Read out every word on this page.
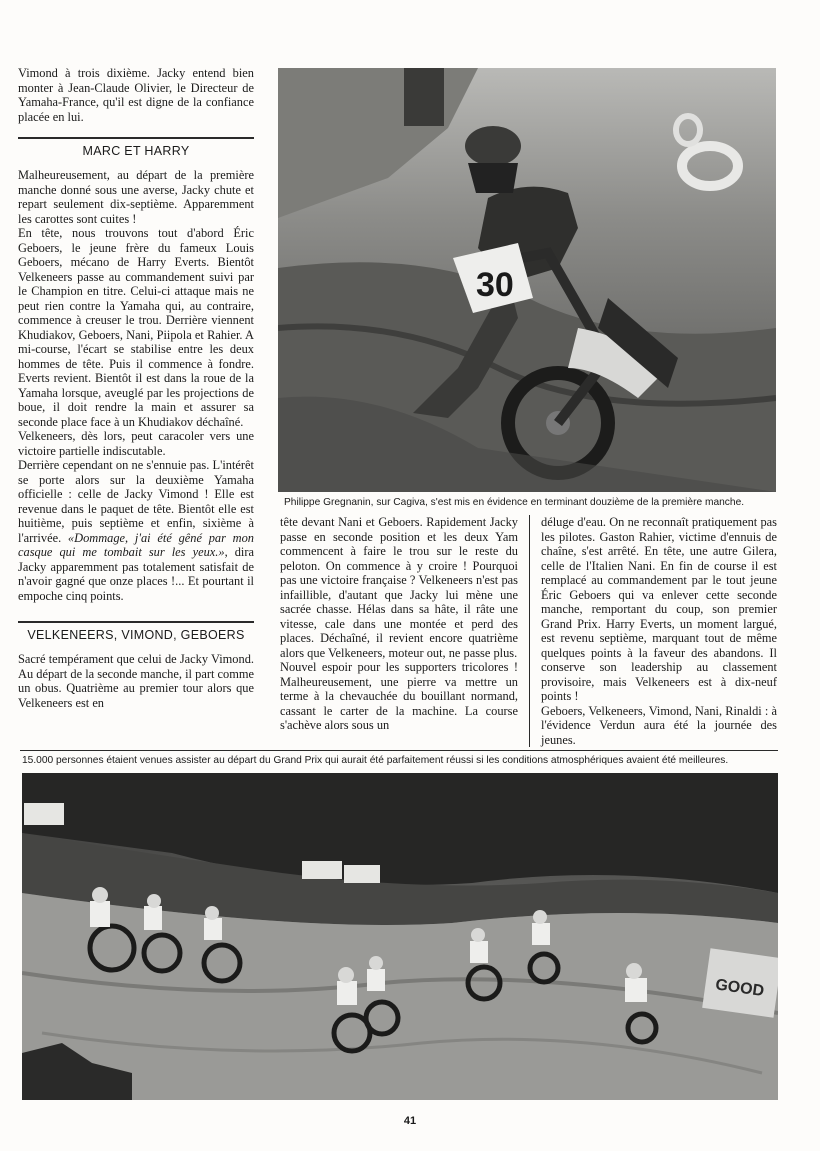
Vimond à trois dixième. Jacky entend bien monter à Jean-Claude Olivier, le Directeur de Yamaha-France, qu'il est digne de la confiance placée en lui.

MARC ET HARRY

Malheureusement, au départ de la première manche donné sous une averse, Jacky chute et repart seulement dix-septième. Apparemment les carottes sont cuites !

En tête, nous trouvons tout d'abord Éric Geboers, le jeune frère du fameux Louis Geboers, mécano de Harry Everts. Bientôt Velkeneers passe au commandement suivi par le Champion en titre. Celui-ci attaque mais ne peut rien contre la Yamaha qui, au contraire, commence à creuser le trou. Derrière viennent Khudiakov, Geboers, Nani, Piipola et Rahier. A mi-course, l'écart se stabilise entre les deux hommes de tête. Puis il commence à fondre. Everts revient. Bientôt il est dans la roue de la Yamaha lorsque, aveuglé par les projections de boue, il doit rendre la main et assurer sa seconde place face à un Khudiakov déchaîné.

Velkeneers, dès lors, peut caracoler vers une victoire partielle indiscutable.

Derrière cependant on ne s'ennuie pas. L'intérêt se porte alors sur la deuxième Yamaha officielle : celle de Jacky Vimond ! Elle est revenue dans le paquet de tête. Bientôt elle est huitième, puis septième et enfin, sixième à l'arrivée. «Dommage, j'ai été gêné par mon casque qui me tombait sur les yeux.», dira Jacky apparemment pas totalement satisfait de n'avoir gagné que onze places !... Et pourtant il empoche cinq points.

VELKENEERS, VIMOND, GEBOERS

Sacré tempérament que celui de Jacky Vimond. Au départ de la seconde manche, il part comme un obus. Quatrième au premier tour alors que Velkeneers est en

30
Philippe Gregnanin, sur Cagiva, s'est mis en évidence en terminant douzième de la première manche.

tête devant Nani et Geboers. Rapidement Jacky passe en seconde position et les deux Yam commencent à faire le trou sur le reste du peloton. On commence à y croire ! Pourquoi pas une victoire française ? Velkeneers n'est pas infaillible, d'autant que Jacky lui mène une sacrée chasse. Hélas dans sa hâte, il râte une vitesse, cale dans une montée et perd des places. Déchaîné, il revient encore quatrième alors que Velkeneers, moteur out, ne passe plus.

Nouvel espoir pour les supporters tricolores ! Malheureusement, une pierre va mettre un terme à la chevauchée du bouillant normand, cassant le carter de la machine. La course s'achève alors sous un

déluge d'eau. On ne reconnaît pratiquement pas les pilotes. Gaston Rahier, victime d'ennuis de chaîne, s'est arrêté. En tête, une autre Gilera, celle de l'Italien Nani. En fin de course il est remplacé au commandement par le tout jeune Éric Geboers qui va enlever cette seconde manche, remportant du coup, son premier Grand Prix. Harry Everts, un moment largué, est revenu septième, marquant tout de même quelques points à la faveur des abandons. Il conserve son leadership au classement provisoire, mais Velkeneers est à dix-neuf points !

Geboers, Velkeneers, Vimond, Nani, Rinaldi : à l'évidence Verdun aura été la journée des jeunes.

15.000 personnes étaient venues assister au départ du Grand Prix qui aurait été parfaitement réussi si les conditions atmosphériques avaient été meilleures.
GOOD
41
